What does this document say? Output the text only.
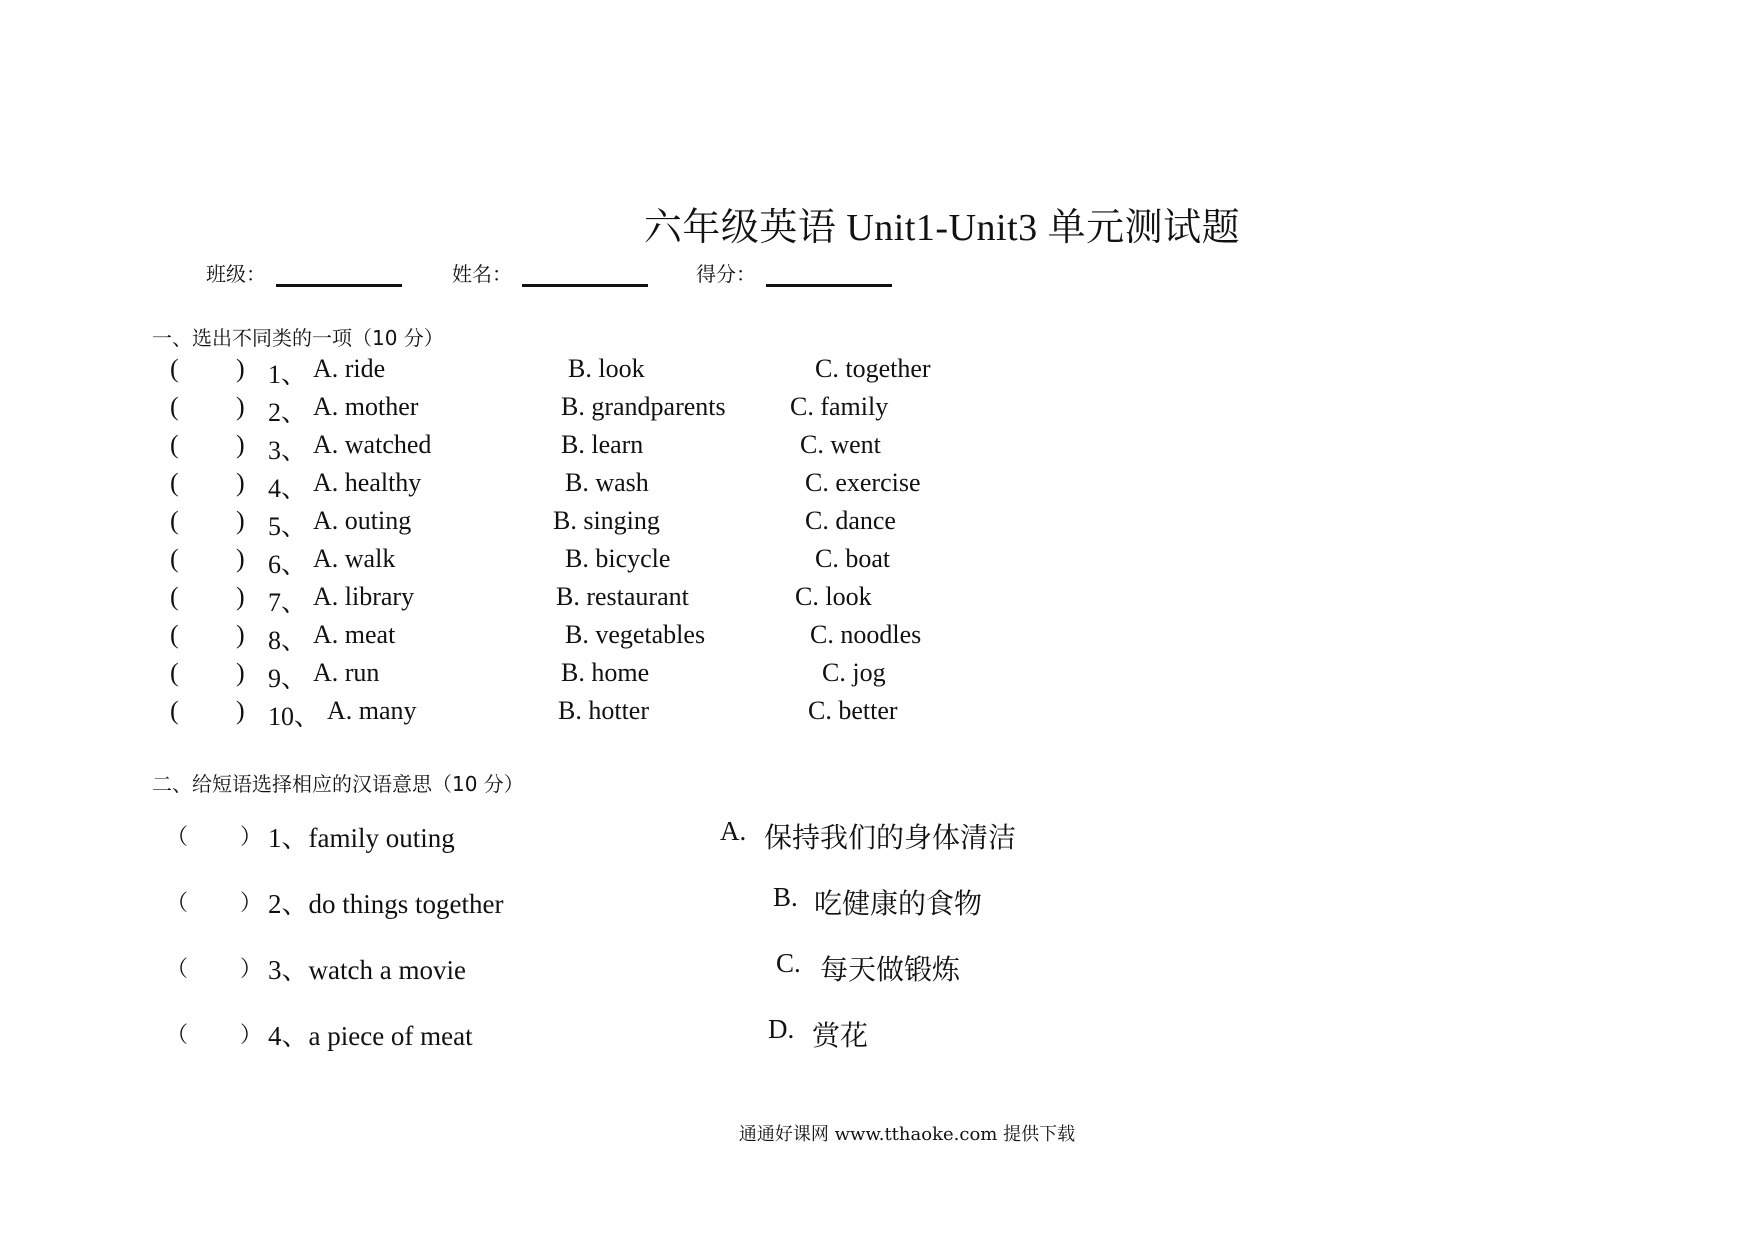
六年级英语 Unit1-Unit3 单元测试题
班级：	姓名：	得分：
一、选出不同类的一项（10 分）
( ) 1、 A. ride	B. look	C. together
( ) 2、 A. mother	B. grandparents C. family
( ) 3、 A. watched	B. learn	C. went
( ) 4、 A. healthy	B. wash	C. exercise
( ) 5、 A. outing	B. singing	C. dance
( ) 6、 A. walk	B. bicycle	C. boat
( ) 7、 A. library	B. restaurant	C. look
( ) 8、 A. meat	B. vegetables	C. noodles
( ) 9、 A. run	B. home	C. jog
( ) 10、 A. many	B. hotter	C. better
二、给短语选择相应的汉语意思（10 分）
（ ） 1、family outing	A. 保持我们的身体清洁
（ ） 2、do things together	B. 吃健康的食物
（ ） 3、watch a movie	C. 每天做锻炼
（ ） 4、a piece of meat	D. 赏花
通通好课网 www.tthaoke.com 提供下载
